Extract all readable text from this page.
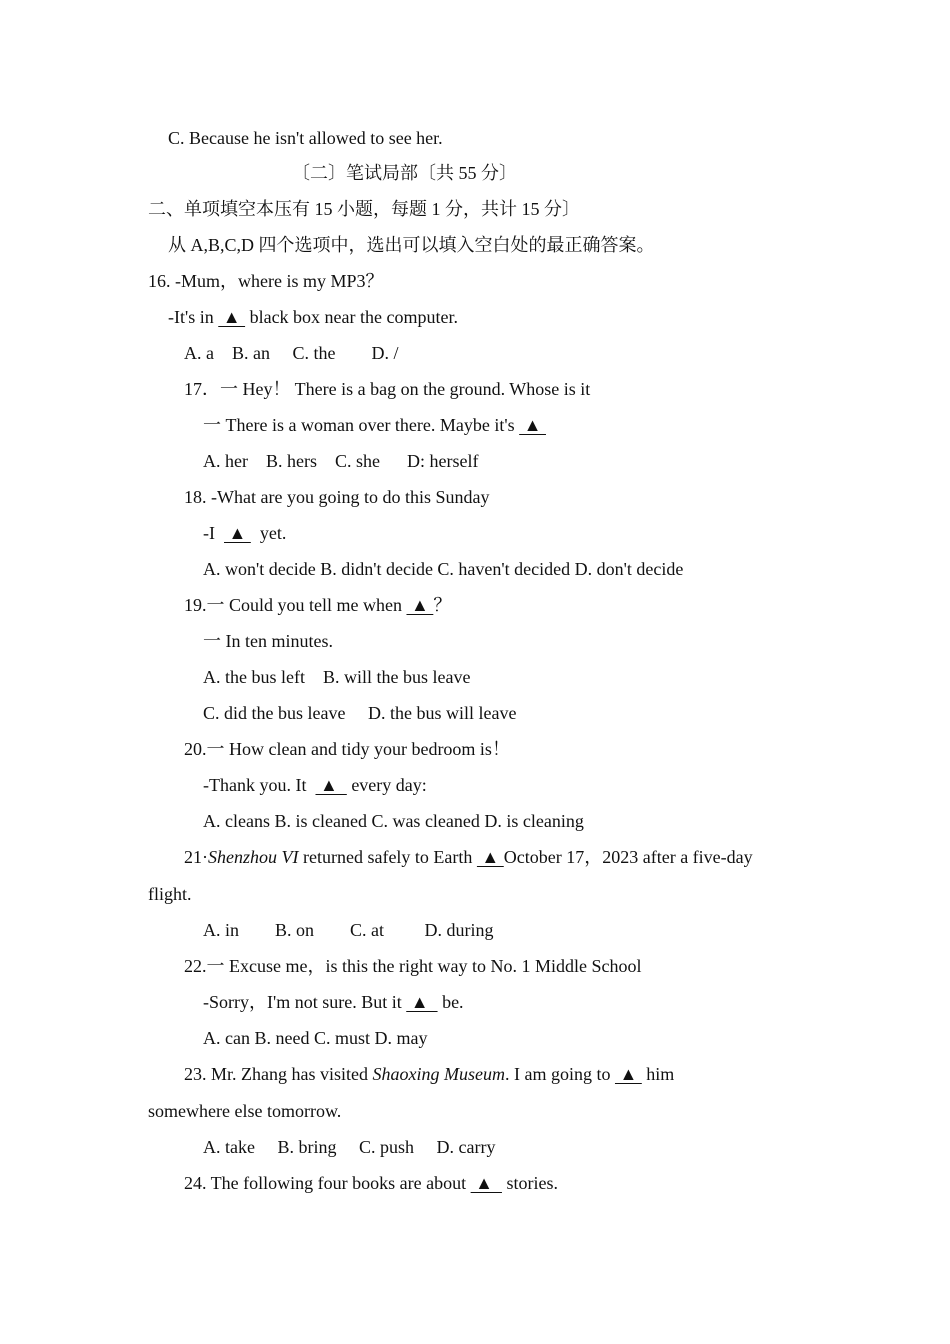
C. Because he isn't allowed to see her.
〔二〕笔试局部〔共 55 分〕
二、单项填空本压有 15 小题，每题 1 分，共计 15 分〕
从 A,B,C,D 四个选项中，选出可以填入空白处的最正确答案。
16. -Mum，where is my MP3？
-It's in  ▲  black box near the computer.
A. a    B. an     C. the        D. /
17．一 Hey！ There is a bag on the ground. Whose is it
一 There is a woman over there. Maybe it's  ▲
A. her    B. hers    C. she      D: herself
18. -What are you going to do this Sunday
-I   ▲   yet.
A. won't decide B. didn't decide C. haven't decided D. don't decide
19.一 Could you tell me when  ▲ ？
一 In ten minutes.
A. the bus left    B. will the bus leave
C. did the bus leave     D. the bus will leave
20.一 How clean and tidy your bedroom is！
-Thank you. It   ▲   every day:
A. cleans B. is cleaned C. was cleaned D. is cleaning
21·Shenzhou VI returned safely to Earth  ▲ October 17，2023 after a five-day
flight.
A. in        B. on        C. at         D. during
22.一 Excuse me，is this the right way to No. 1 Middle School
-Sorry，I'm not sure. But it  ▲   be.
A. can B. need C. must D. may
23. Mr. Zhang has visited Shaoxing Museum. I am going to  ▲  him
somewhere else tomorrow.
A. take     B. bring     C. push     D. carry
24. The following four books are about  ▲   stories.
